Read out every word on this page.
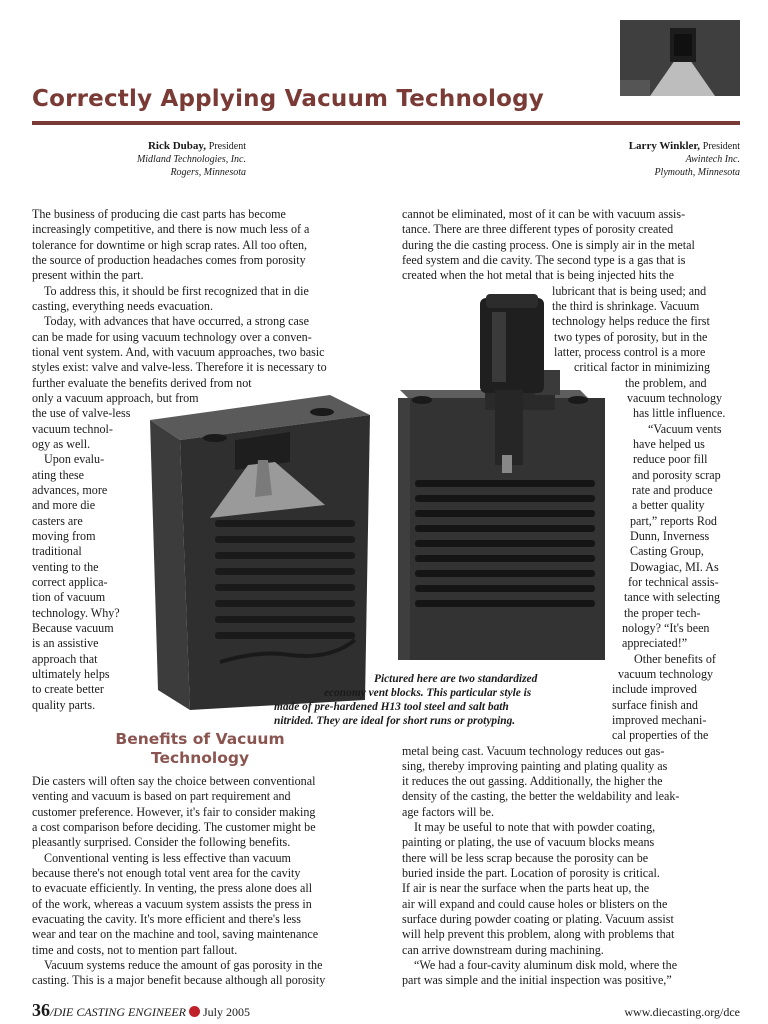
Correctly Applying Vacuum Technology
Rick Dubay, President
Midland Technologies, Inc.
Rogers, Minnesota
Larry Winkler, President
Awintech Inc.
Plymouth, Minnesota
The business of producing die cast parts has become
increasingly competitive, and there is now much less of a
tolerance for downtime or high scrap rates. All too often,
the source of production headaches comes from porosity
present within the part.
To address this, it should be first recognized that in die
casting, everything needs evacuation.
Today, with advances that have occurred, a strong case
can be made for using vacuum technology over a conven-
tional vent system. And, with vacuum approaches, two basic
styles exist: valve and valve-less. Therefore it is necessary to
further evaluate the benefits derived from not
only a vacuum approach, but from
the use of valve-less
vacuum technol-
ogy as well.
Upon evalu-
ating these
advances, more
and more die
casters are
moving from
traditional
venting to the
correct applica-
tion of vacuum
technology. Why?
Because vacuum
is an assistive
approach that
ultimately helps
to create better
quality parts.
Benefits of Vacuum Technology
Die casters will often say the choice between conventional
venting and vacuum is based on part requirement and
customer preference. However, it's fair to consider making
a cost comparison before deciding. The customer might be
pleasantly surprised. Consider the following benefits.
Conventional venting is less effective than vacuum
because there's not enough total vent area for the cavity
to evacuate efficiently. In venting, the press alone does all
of the work, whereas a vacuum system assists the press in
evacuating the cavity. It's more efficient and there's less
wear and tear on the machine and tool, saving maintenance
time and costs, not to mention part fallout.
Vacuum systems reduce the amount of gas porosity in the
casting. This is a major benefit because although all porosity
cannot be eliminated, most of it can be with vacuum assis-
tance. There are three different types of porosity created
during the die casting process. One is simply air in the metal
feed system and die cavity. The second type is a gas that is
created when the hot metal that is being injected hits the
lubricant that is being used; and
the third is shrinkage. Vacuum
technology helps reduce the first
two types of porosity, but in the
latter, process control is a more
critical factor in minimizing
the problem, and
vacuum technology
has little influence.
“Vacuum vents
have helped us
reduce poor fill
and porosity scrap
rate and produce
a better quality
part,” reports Rod
Dunn, Inverness
Casting Group,
Dowagiac, MI. As
for technical assis-
tance with selecting
the proper tech-
nology? “It's been
appreciated!”
Other benefits of
vacuum technology
include improved
surface finish and
improved mechani-
cal properties of the
Pictured here are two standardized
economy vent blocks. This particular style is
made of pre-hardened H13 tool steel and salt bath
nitrided. They are ideal for short runs or protyping.
metal being cast. Vacuum technology reduces out gas-
sing, thereby improving painting and plating quality as
it reduces the out gassing. Additionally, the higher the
density of the casting, the better the weldability and leak-
age factors will be.
It may be useful to note that with powder coating,
painting or plating, the use of vacuum blocks means
there will be less scrap because the porosity can be
buried inside the part. Location of porosity is critical.
If air is near the surface when the parts heat up, the
air will expand and could cause holes or blisters on the
surface during powder coating or plating. Vacuum assist
will help prevent this problem, along with problems that
can arrive downstream during machining.
“We had a four-cavity aluminum disk mold, where the
part was simple and the initial inspection was positive,”
36/DIE CASTING ENGINEER July 2005	www.diecasting.org/dce
